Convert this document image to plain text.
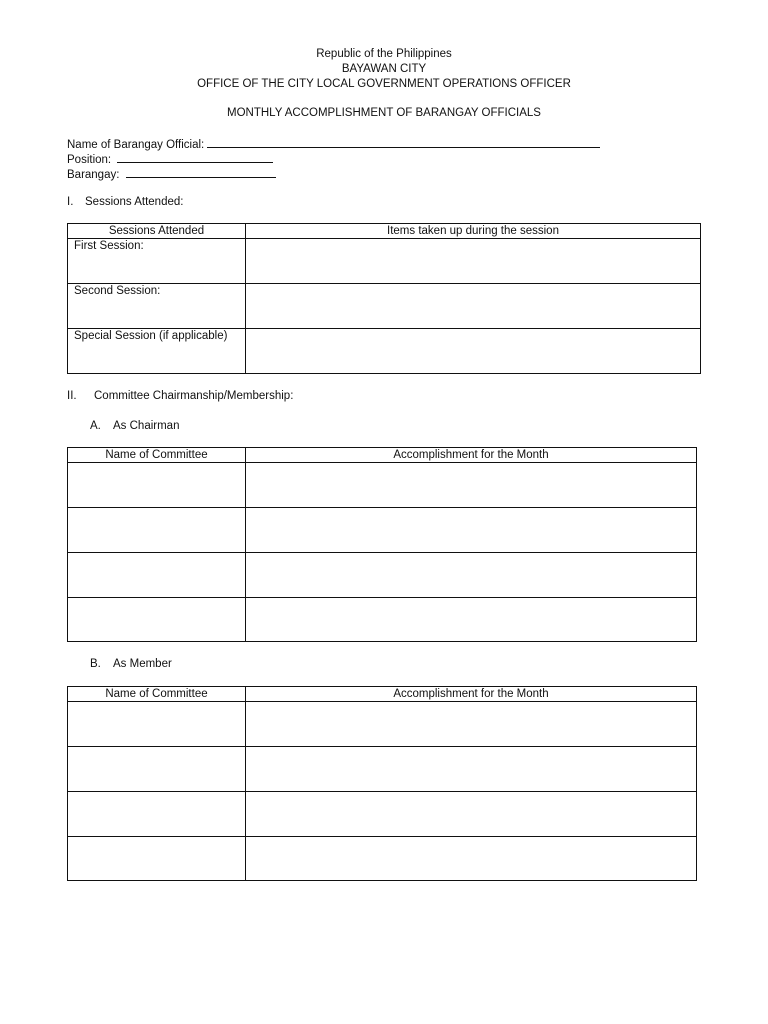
Republic of the Philippines
BAYAWAN CITY
OFFICE OF THE CITY LOCAL GOVERNMENT OPERATIONS OFFICER
MONTHLY ACCOMPLISHMENT OF BARANGAY OFFICIALS
Name of Barangay Official:
Position:
Barangay:
I. Sessions Attended:
Sessions Attended	Items taken up during the session
First Session:	
Second Session:	
Special Session (if applicable)	
II. Committee Chairmanship/Membership:
A. As Chairman
Name of Committee	Accomplishment for the Month

B. As Member
Name of Committee	Accomplishment for the Month
